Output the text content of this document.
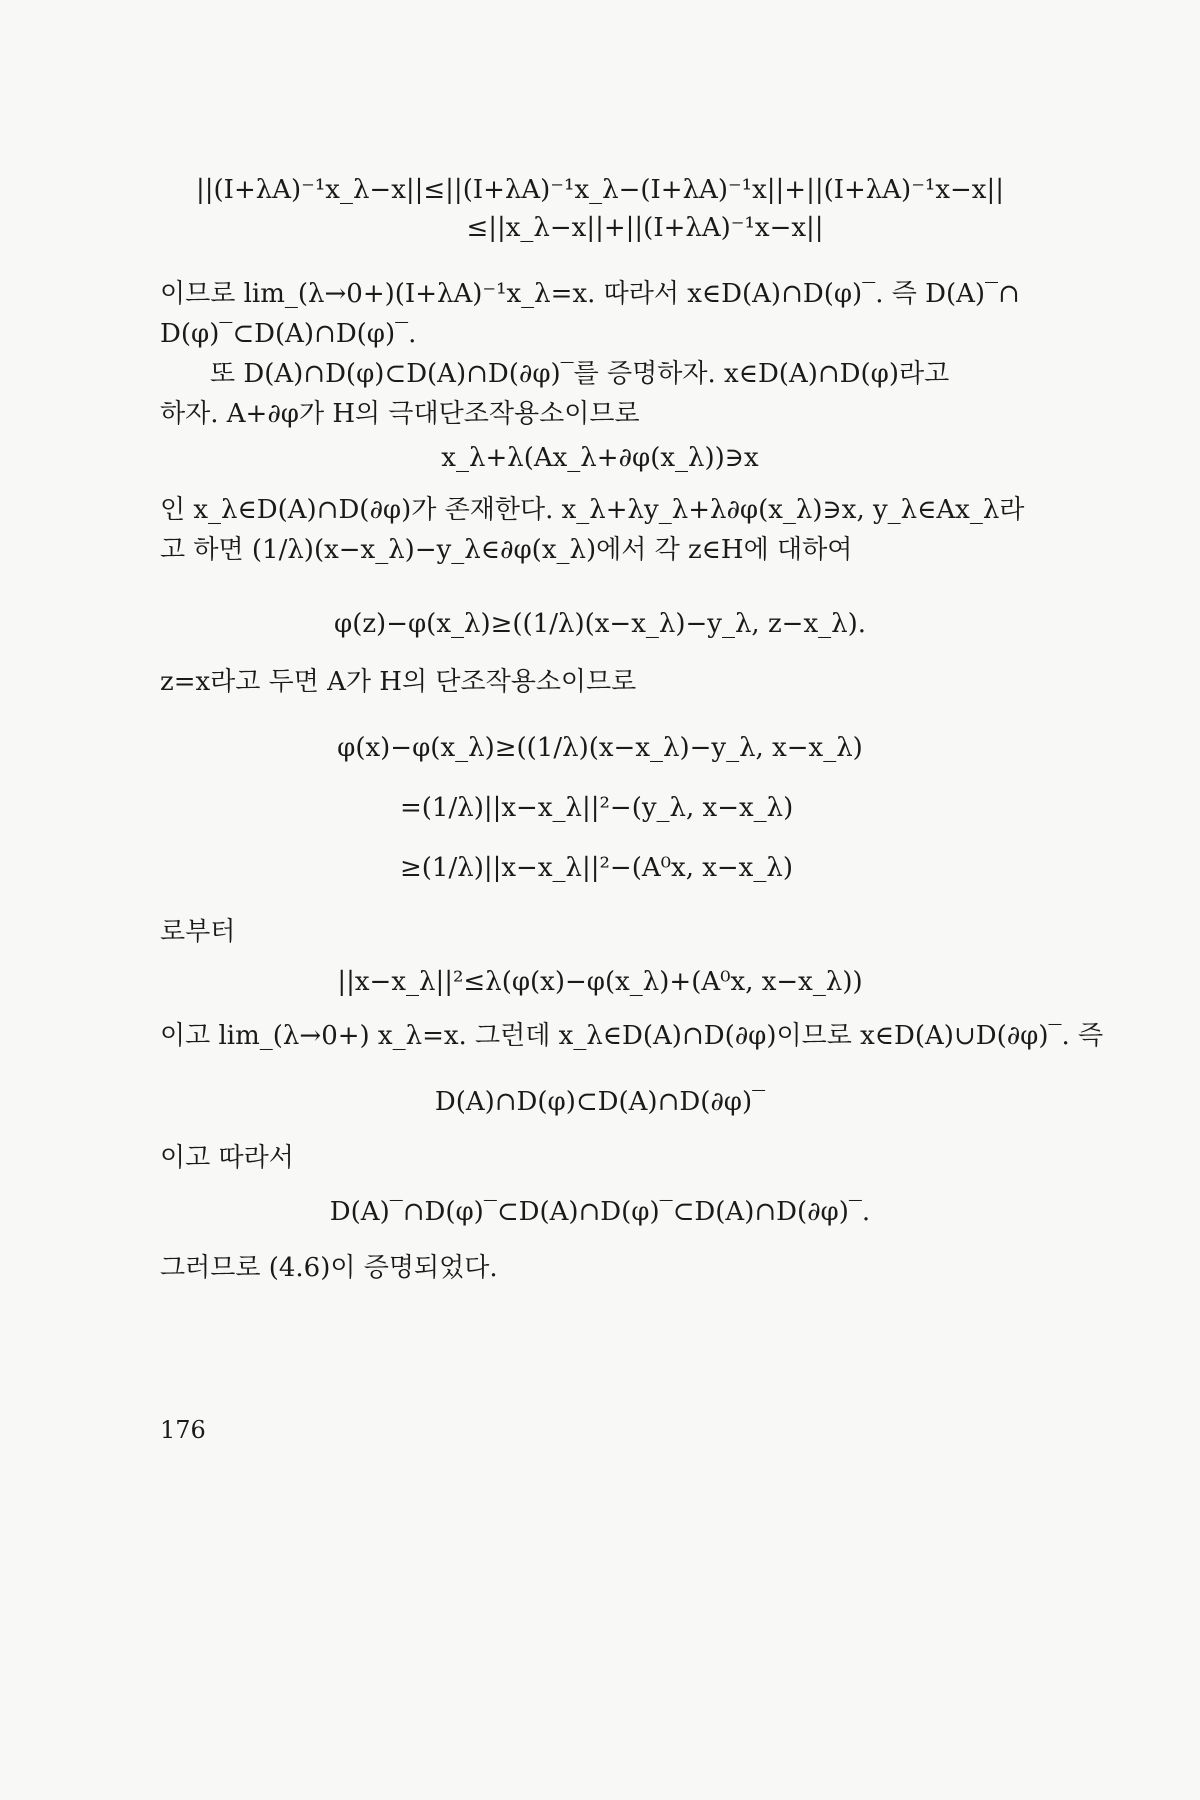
||(I+λA)⁻¹x_λ−x||≤||(I+λA)⁻¹x_λ−(I+λA)⁻¹x||+||(I+λA)⁻¹x−x||
≤||x_λ−x||+||(I+λA)⁻¹x−x||
이므로 lim_(λ→0+)(I+λA)⁻¹x_λ=x. 따라서 x∈D(A)∩D(φ)‾. 즉 D(A)‾∩
D(φ)‾⊂D(A)∩D(φ)‾.
또 D(A)∩D(φ)⊂D(A)∩D(∂φ)‾를 증명하자. x∈D(A)∩D(φ)라고
하자. A+∂φ가 H의 극대단조작용소이므로
x_λ+λ(Ax_λ+∂φ(x_λ))∋x
인 x_λ∈D(A)∩D(∂φ)가 존재한다. x_λ+λy_λ+λ∂φ(x_λ)∋x, y_λ∈Ax_λ라
고 하면 (1/λ)(x−x_λ)−y_λ∈∂φ(x_λ)에서 각 z∈H에 대하여
φ(z)−φ(x_λ)≥((1/λ)(x−x_λ)−y_λ, z−x_λ).
z=x라고 두면 A가 H의 단조작용소이므로
φ(x)−φ(x_λ)≥((1/λ)(x−x_λ)−y_λ, x−x_λ)
=(1/λ)||x−x_λ||²−(y_λ, x−x_λ)
≥(1/λ)||x−x_λ||²−(A⁰x, x−x_λ)
로부터
||x−x_λ||²≤λ(φ(x)−φ(x_λ)+(A⁰x, x−x_λ))
이고 lim_(λ→0+) x_λ=x. 그런데 x_λ∈D(A)∩D(∂φ)이므로 x∈D(A)∪D(∂φ)‾. 즉
D(A)∩D(φ)⊂D(A)∩D(∂φ)‾
이고 따라서
D(A)‾∩D(φ)‾⊂D(A)∩D(φ)‾⊂D(A)∩D(∂φ)‾.
그러므로 (4.6)이 증명되었다.
176
